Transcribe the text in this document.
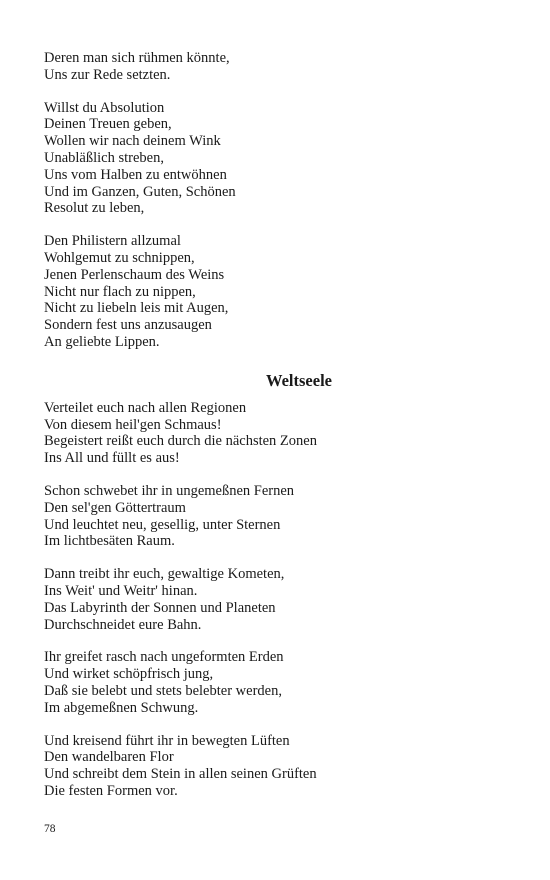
Deren man sich rühmen könnte,
Uns zur Rede setzten.
Willst du Absolution
Deinen Treuen geben,
Wollen wir nach deinem Wink
Unabläßlich streben,
Uns vom Halben zu entwöhnen
Und im Ganzen, Guten, Schönen
Resolut zu leben,
Den Philistern allzumal
Wohlgemut zu schnippen,
Jenen Perlenschaum des Weins
Nicht nur flach zu nippen,
Nicht zu liebeln leis mit Augen,
Sondern fest uns anzusaugen
An geliebte Lippen.
Weltseele
Verteilet euch nach allen Regionen
Von diesem heil'gen Schmaus!
Begeistert reißt euch durch die nächsten Zonen
Ins All und füllt es aus!
Schon schwebet ihr in ungemeßnen Fernen
Den sel'gen Göttertraum
Und leuchtet neu, gesellig, unter Sternen
Im lichtbesäten Raum.
Dann treibt ihr euch, gewaltige Kometen,
Ins Weit' und Weitr' hinan.
Das Labyrinth der Sonnen und Planeten
Durchschneidet eure Bahn.
Ihr greifet rasch nach ungeformten Erden
Und wirket schöpfrisch jung,
Daß sie belebt und stets belebter werden,
Im abgemeßnen Schwung.
Und kreisend führt ihr in bewegten Lüften
Den wandelbaren Flor
Und schreibt dem Stein in allen seinen Grüften
Die festen Formen vor.
78
